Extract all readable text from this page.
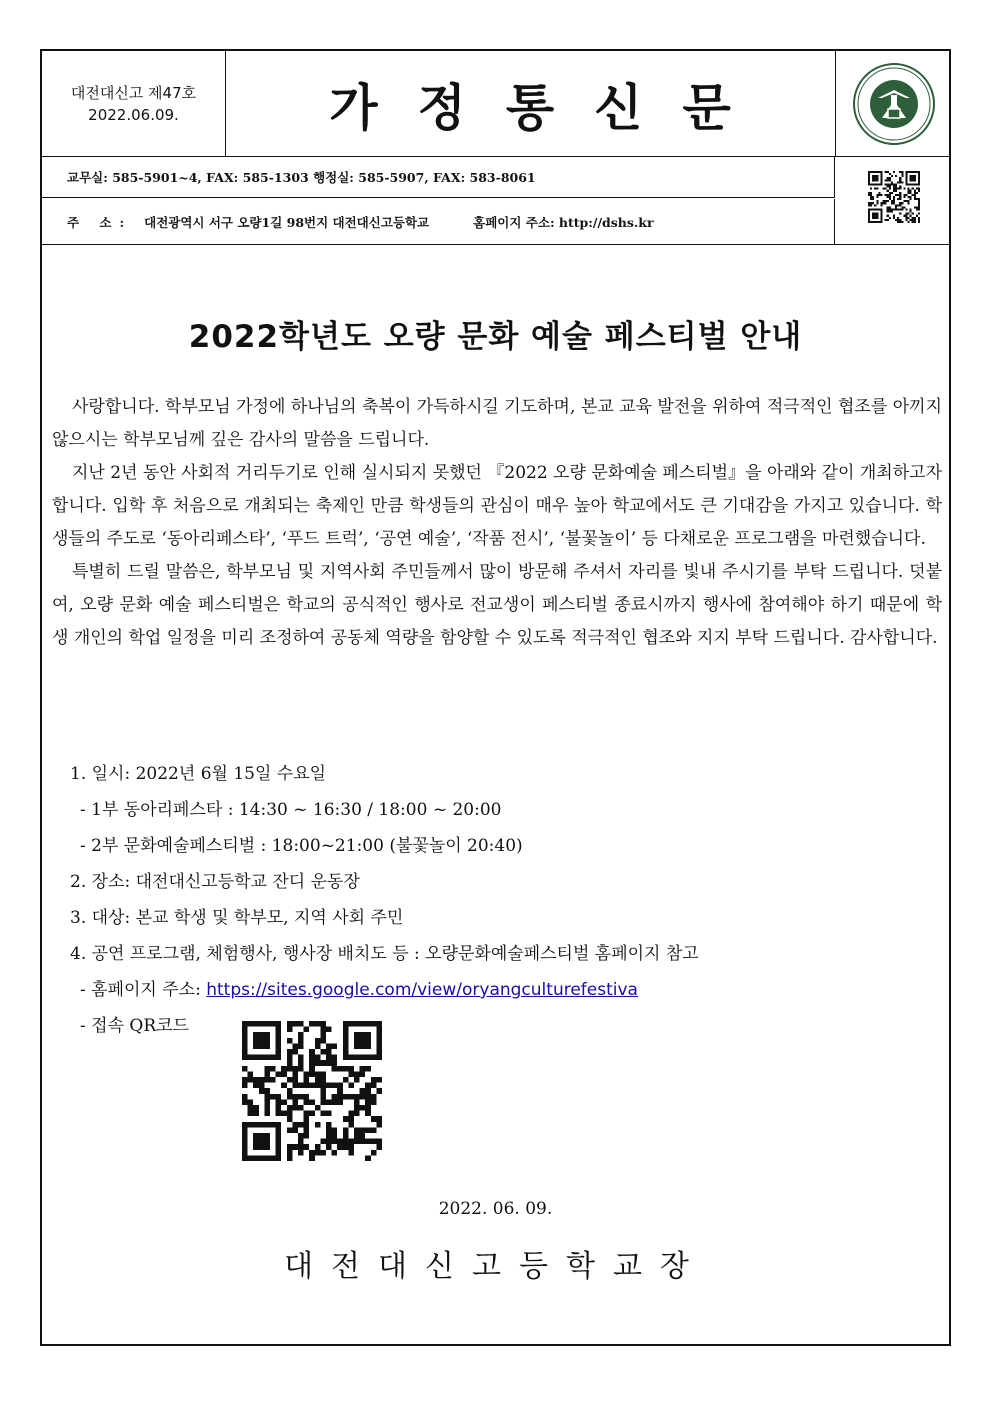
대전대신고 제47호
2022.06.09.	가정통신문
교무실: 585-5901~4, FAX: 585-1303 행정실: 585-5907, FAX: 583-8061
주 소: 대전광역시 서구 오량1길 98번지 대전대신고등학교	홈페이지 주소: http://dshs.kr
2022학년도 오량 문화 예술 페스티벌 안내

사랑합니다. 학부모님 가정에 하나님의 축복이 가득하시길 기도하며, 본교 교육 발전을 위하여 적극적인 협조를 아끼지 않으시는 학부모님께 깊은 감사의 말씀을 드립니다.

지난 2년 동안 사회적 거리두기로 인해 실시되지 못했던 『2022 오량 문화예술 페스티벌』을 아래와 같이 개최하고자 합니다. 입학 후 처음으로 개최되는 축제인 만큼 학생들의 관심이 매우 높아 학교에서도 큰 기대감을 가지고 있습니다. 학생들의 주도로 ‘동아리페스타’, ‘푸드 트럭’, ‘공연 예술’, ‘작품 전시’, ‘불꽃놀이’ 등 다채로운 프로그램을 마련했습니다.

특별히 드릴 말씀은, 학부모님 및 지역사회 주민들께서 많이 방문해 주셔서 자리를 빛내 주시기를 부탁 드립니다. 덧붙여, 오량 문화 예술 페스티벌은 학교의 공식적인 행사로 전교생이 페스티벌 종료시까지 행사에 참여해야 하기 때문에 학생 개인의 학업 일정을 미리 조정하여 공동체 역량을 함양할 수 있도록 적극적인 협조와 지지 부탁 드립니다. 감사합니다.

1. 일시: 2022년 6월 15일 수요일
- 1부 동아리페스타 : 14:30 ~ 16:30 / 18:00 ~ 20:00
- 2부 문화예술페스티벌 : 18:00~21:00 (불꽃놀이 20:40)
2. 장소: 대전대신고등학교 잔디 운동장
3. 대상: 본교 학생 및 학부모, 지역 사회 주민
4. 공연 프로그램, 체험행사, 행사장 배치도 등 : 오량문화예술페스티벌 홈페이지 참고
- 홈페이지 주소: https://sites.google.com/view/oryangculturefestiva
- 접속 QR코드
2022. 06. 09.
대전대신고등학교장
